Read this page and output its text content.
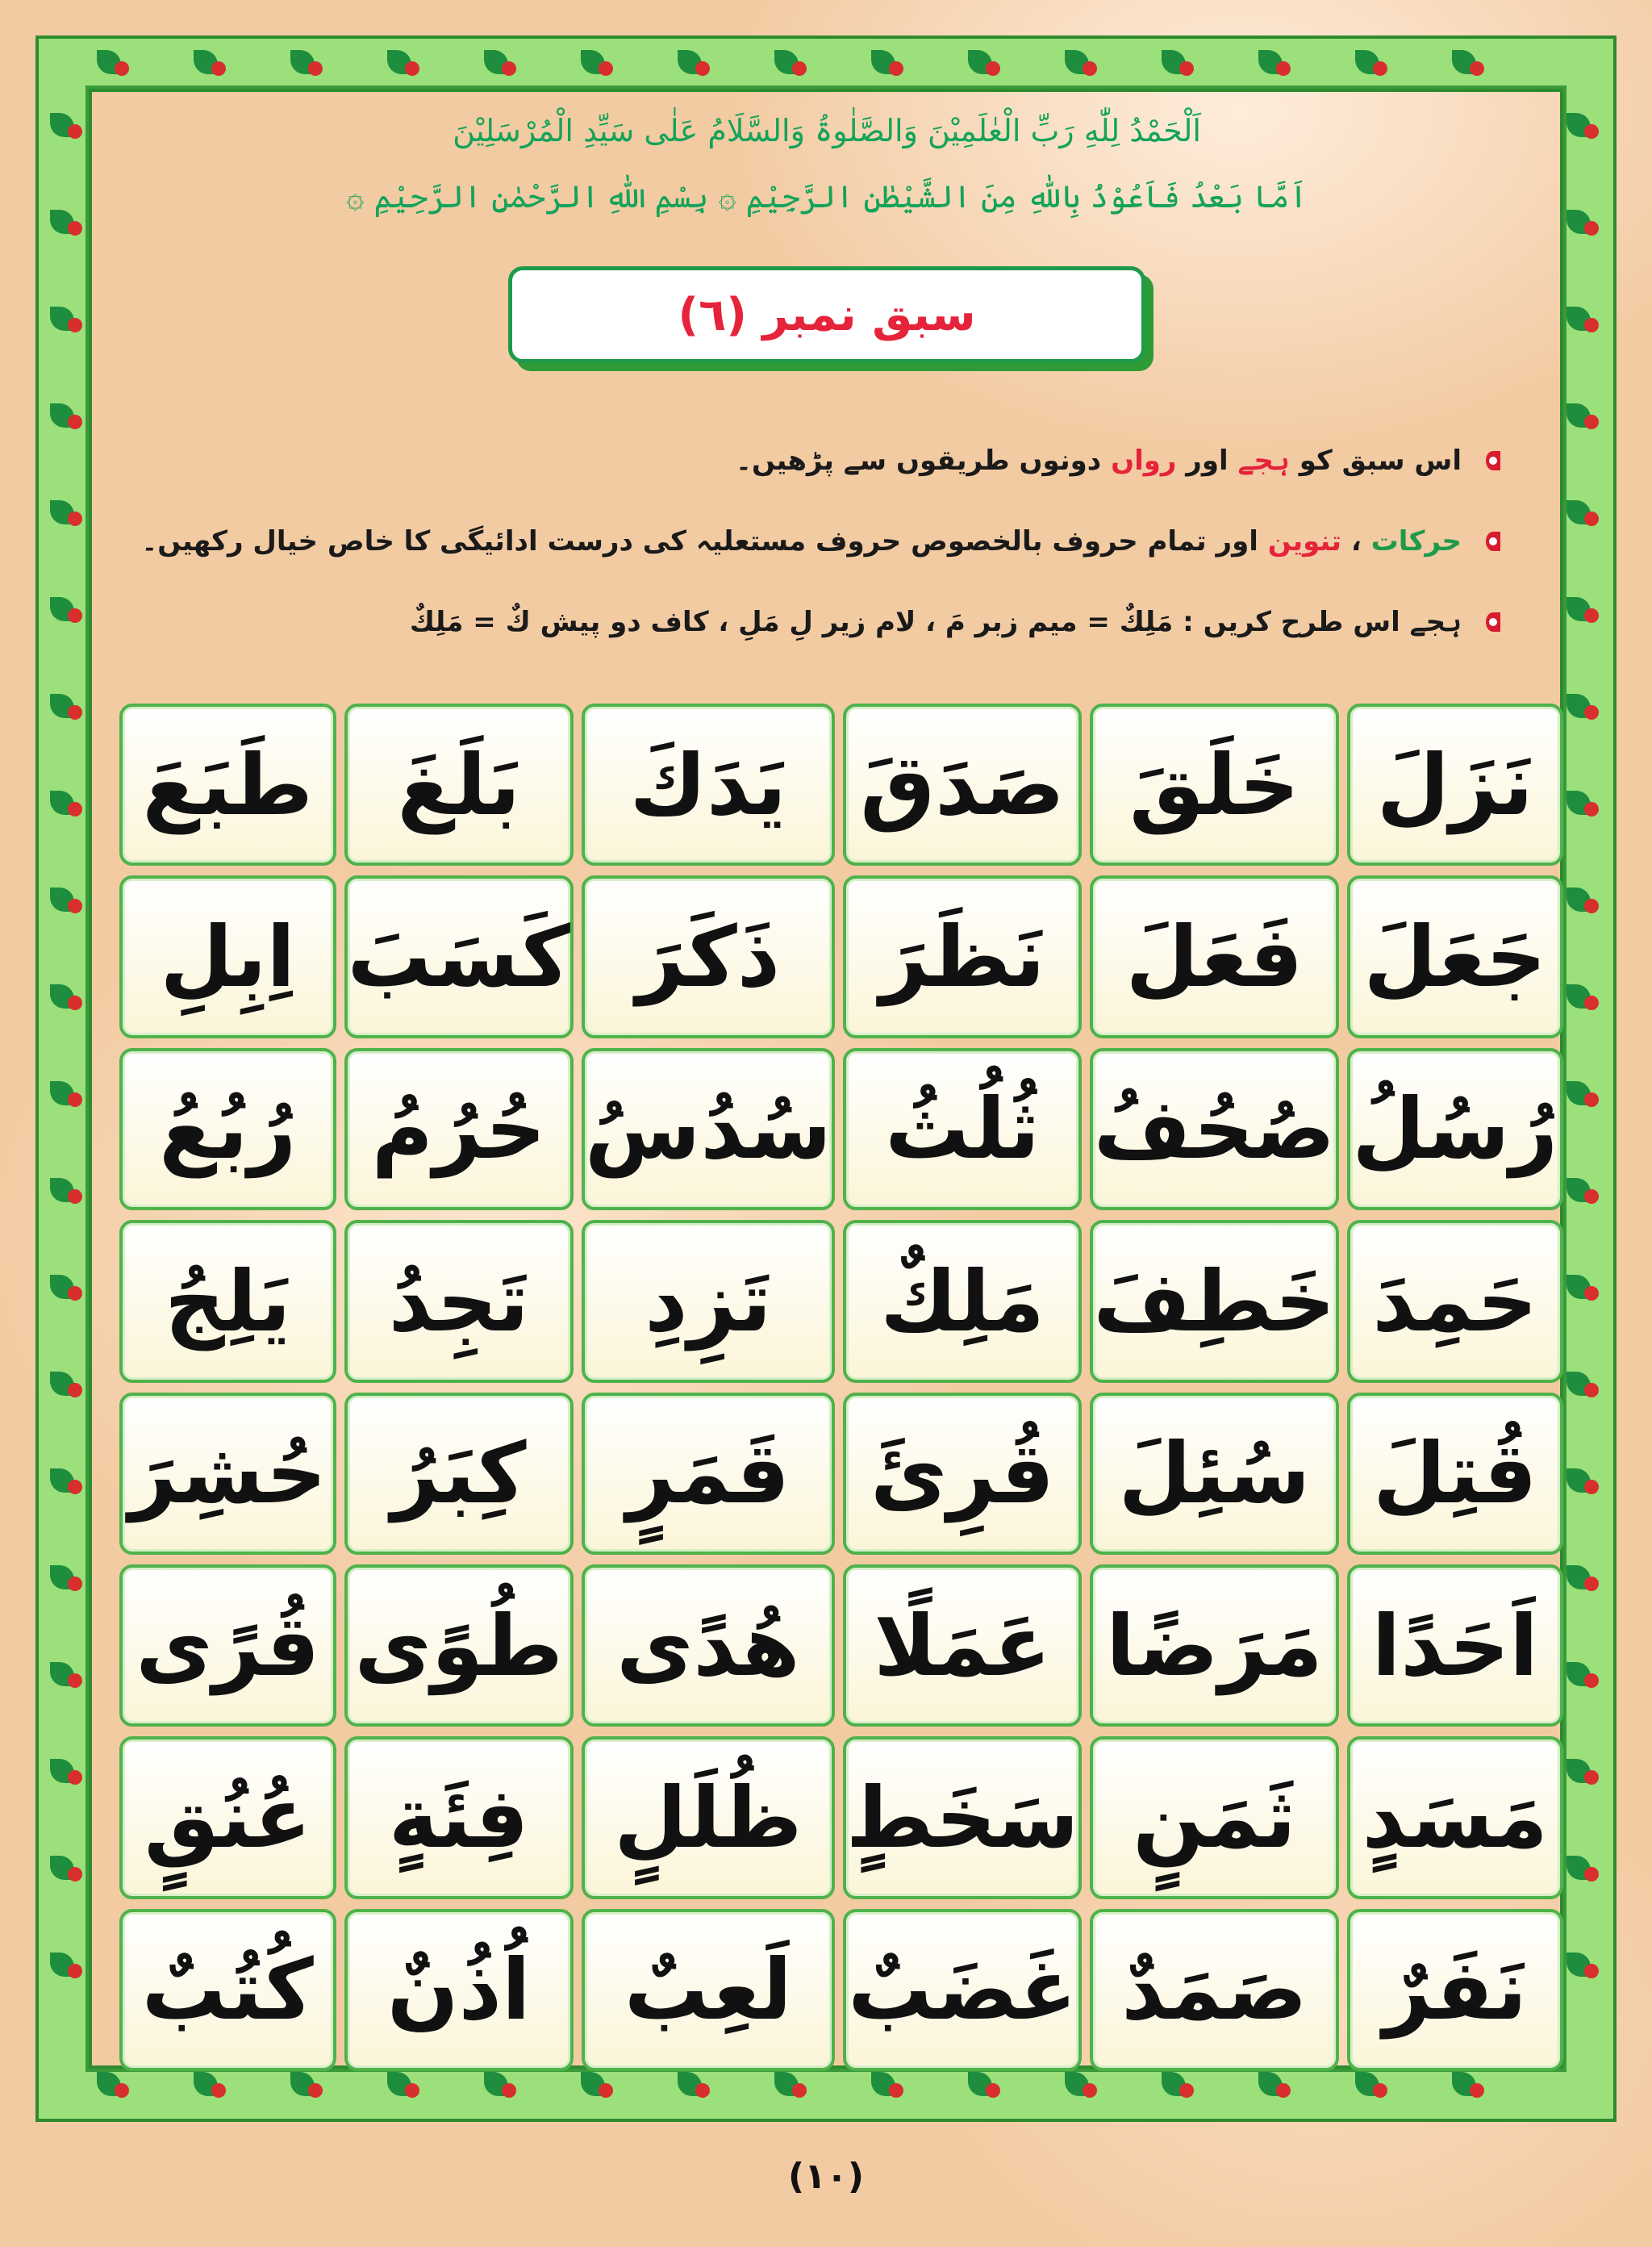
اَلْحَمْدُ لِلّٰهِ رَبِّ الْعٰلَمِیْنَ وَالصَّلٰوۃُ وَالسَّلَامُ عَلٰی سَیِّدِ الْمُرْسَلِیْنَ
اَمَّا بَعْدُ فَاَعُوْذُ بِاللّٰهِ مِنَ الشَّیْطٰنِ الرَّجِیْمِ ۞ بِسْمِ اللّٰهِ الرَّحْمٰنِ الرَّحِیْمِ ۞
سبق نمبر (٦)
اس سبق کو ہجے اور رواں دونوں طریقوں سے پڑھیں۔
حرکات ، تنوین اور تمام حروف بالخصوص حروف مستعلیہ کی درست ادائیگی کا خاص خیال رکھیں۔
ہجے اس طرح کریں : مَلِكٌ = میم زبر مَ ، لام زیر لِ مَلِ ، کاف دو پیش كٌ = مَلِكٌ
نَزَلَ
خَلَقَ
صَدَقَ
يَدَكَ
بَلَغَ
طَبَعَ
جَعَلَ
فَعَلَ
نَظَرَ
ذَكَرَ
كَسَبَ
اِبِلِ
رُسُلُ
صُحُفُ
ثُلُثُ
سُدُسُ
حُرُمُ
رُبُعُ
حَمِدَ
خَطِفَ
مَلِكٌ
تَزِدِ
تَجِدُ
يَلِجُ
قُتِلَ
سُئِلَ
قُرِئَ
قَمَرٍ
كِبَرُ
حُشِرَ
اَحَدًا
مَرَضًا
عَمَلًا
هُدًى
طُوًى
قُرًى
مَسَدٍ
ثَمَنٍ
سَخَطٍ
ظُلَلٍ
فِئَةٍ
عُنُقٍ
نَفَرٌ
صَمَدٌ
غَضَبٌ
لَعِبٌ
اُذُنٌ
كُتُبٌ
(١٠)
